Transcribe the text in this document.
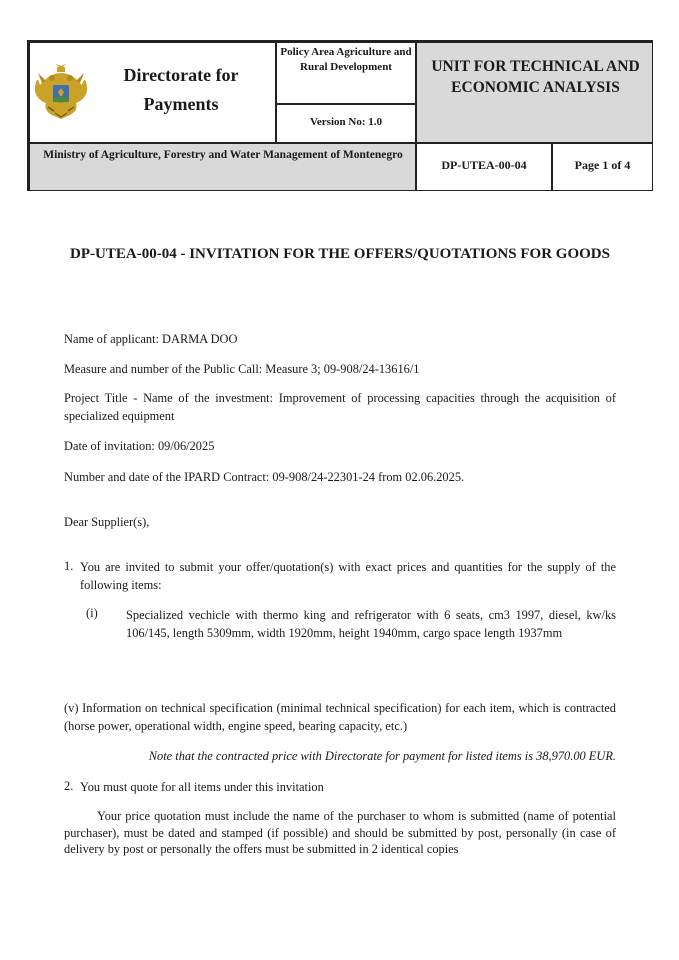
Directorate for Payments
Policy Area Agriculture and Rural Development
Version No: 1.0
UNIT FOR TECHNICAL AND ECONOMIC ANALYSIS
Ministry of Agriculture, Forestry and Water Management of Montenegro
DP-UTEA-00-04	Page 1 of 4
DP-UTEA-00-04 - INVITATION FOR THE OFFERS/QUOTATIONS FOR GOODS
Name of applicant: DARMA DOO
Measure and number of the Public Call: Measure 3; 09-908/24-13616/1
Project Title - Name of the investment: Improvement of processing capacities through the acquisition of specialized equipment
Date of invitation: 09/06/2025
Number and date of the IPARD Contract: 09-908/24-22301-24 from 02.06.2025.
Dear Supplier(s),
1. You are invited to submit your offer/quotation(s) with exact prices and quantities for the supply of the following items:
(i) Specialized vechicle with thermo king and refrigerator with 6 seats, cm3 1997, diesel, kw/ks 106/145, length 5309mm, width 1920mm, height 1940mm, cargo space length 1937mm
(v) Information on technical specification (minimal technical specification) for each item, which is contracted (horse power, operational width, engine speed, bearing capacity, etc.)
Note that the contracted price with Directorate for payment for listed items is 38,970.00 EUR.
2. You must quote for all items under this invitation
Your price quotation must include the name of the purchaser to whom is submitted (name of potential purchaser), must be dated and stamped (if possible) and should be submitted by post, personally (in case of delivery by post or personally the offers must be submitted in 2 identical copies
